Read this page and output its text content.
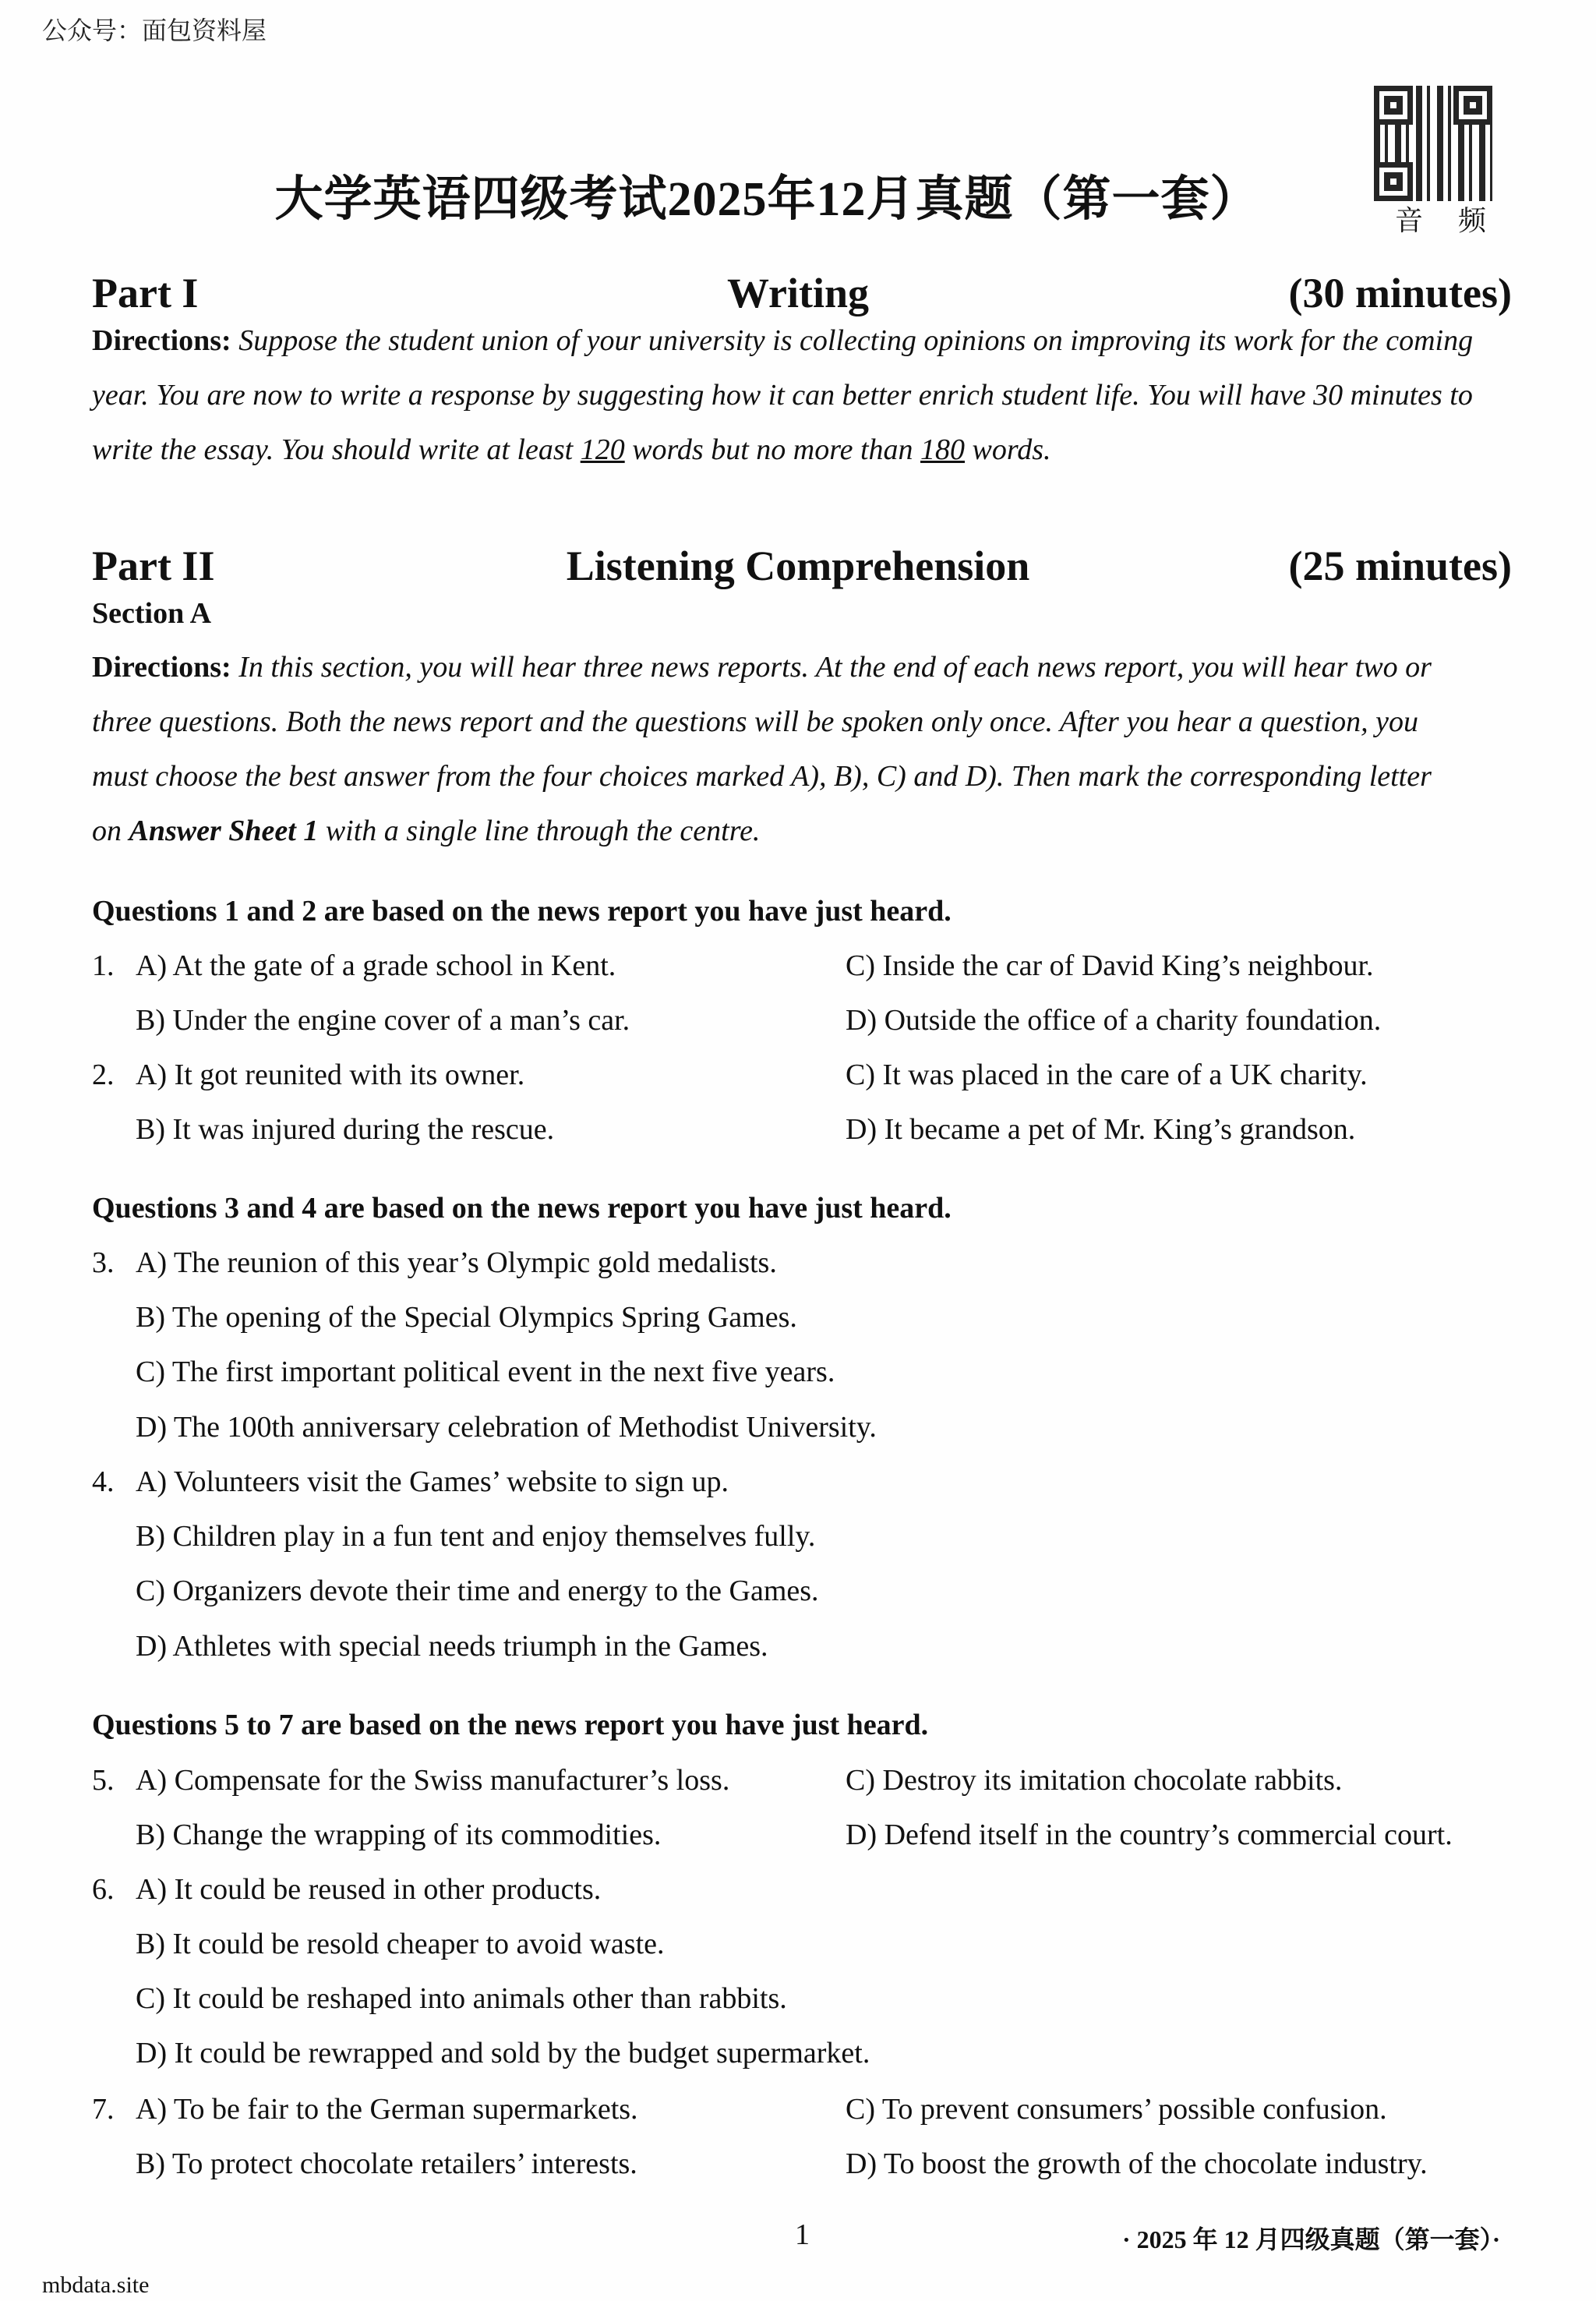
公众号：面包资料屋
大学英语四级考试2025年12月真题（第一套）	音 频
Part I	Writing	(30 minutes)
Directions: Suppose the student union of your university is collecting opinions on improving its work for the coming
year. You are now to write a response by suggesting how it can better enrich student life. You will have 30 minutes to
write the essay. You should write at least 120 words but no more than 180 words.
Part II	Listening Comprehension	(25 minutes)
Section A
Directions: In this section, you will hear three news reports. At the end of each news report, you will hear two or
three questions. Both the news report and the questions will be spoken only once. After you hear a question, you
must choose the best answer from the four choices marked A), B), C) and D). Then mark the corresponding letter
on Answer Sheet 1 with a single line through the centre.
Questions 1 and 2 are based on the news report you have just heard.
1. A) At the gate of a grade school in Kent.	C) Inside the car of David King’s neighbour.
B) Under the engine cover of a man’s car.	D) Outside the office of a charity foundation.
2. A) It got reunited with its owner.	C) It was placed in the care of a UK charity.
B) It was injured during the rescue.	D) It became a pet of Mr. King’s grandson.
Questions 3 and 4 are based on the news report you have just heard.
3. A) The reunion of this year’s Olympic gold medalists.
B) The opening of the Special Olympics Spring Games.
C) The first important political event in the next five years.
D) The 100th anniversary celebration of Methodist University.
4. A) Volunteers visit the Games’ website to sign up.
B) Children play in a fun tent and enjoy themselves fully.
C) Organizers devote their time and energy to the Games.
D) Athletes with special needs triumph in the Games.
Questions 5 to 7 are based on the news report you have just heard.
5. A) Compensate for the Swiss manufacturer’s loss.	C) Destroy its imitation chocolate rabbits.
B) Change the wrapping of its commodities.	D) Defend itself in the country’s commercial court.
6. A) It could be reused in other products.
B) It could be resold cheaper to avoid waste.
C) It could be reshaped into animals other than rabbits.
D) It could be rewrapped and sold by the budget supermarket.
7. A) To be fair to the German supermarkets.	C) To prevent consumers’ possible confusion.
B) To protect chocolate retailers’ interests.	D) To boost the growth of the chocolate industry.
1	· 2025 年 12 月四级真题（第一套）·
mbdata.site
